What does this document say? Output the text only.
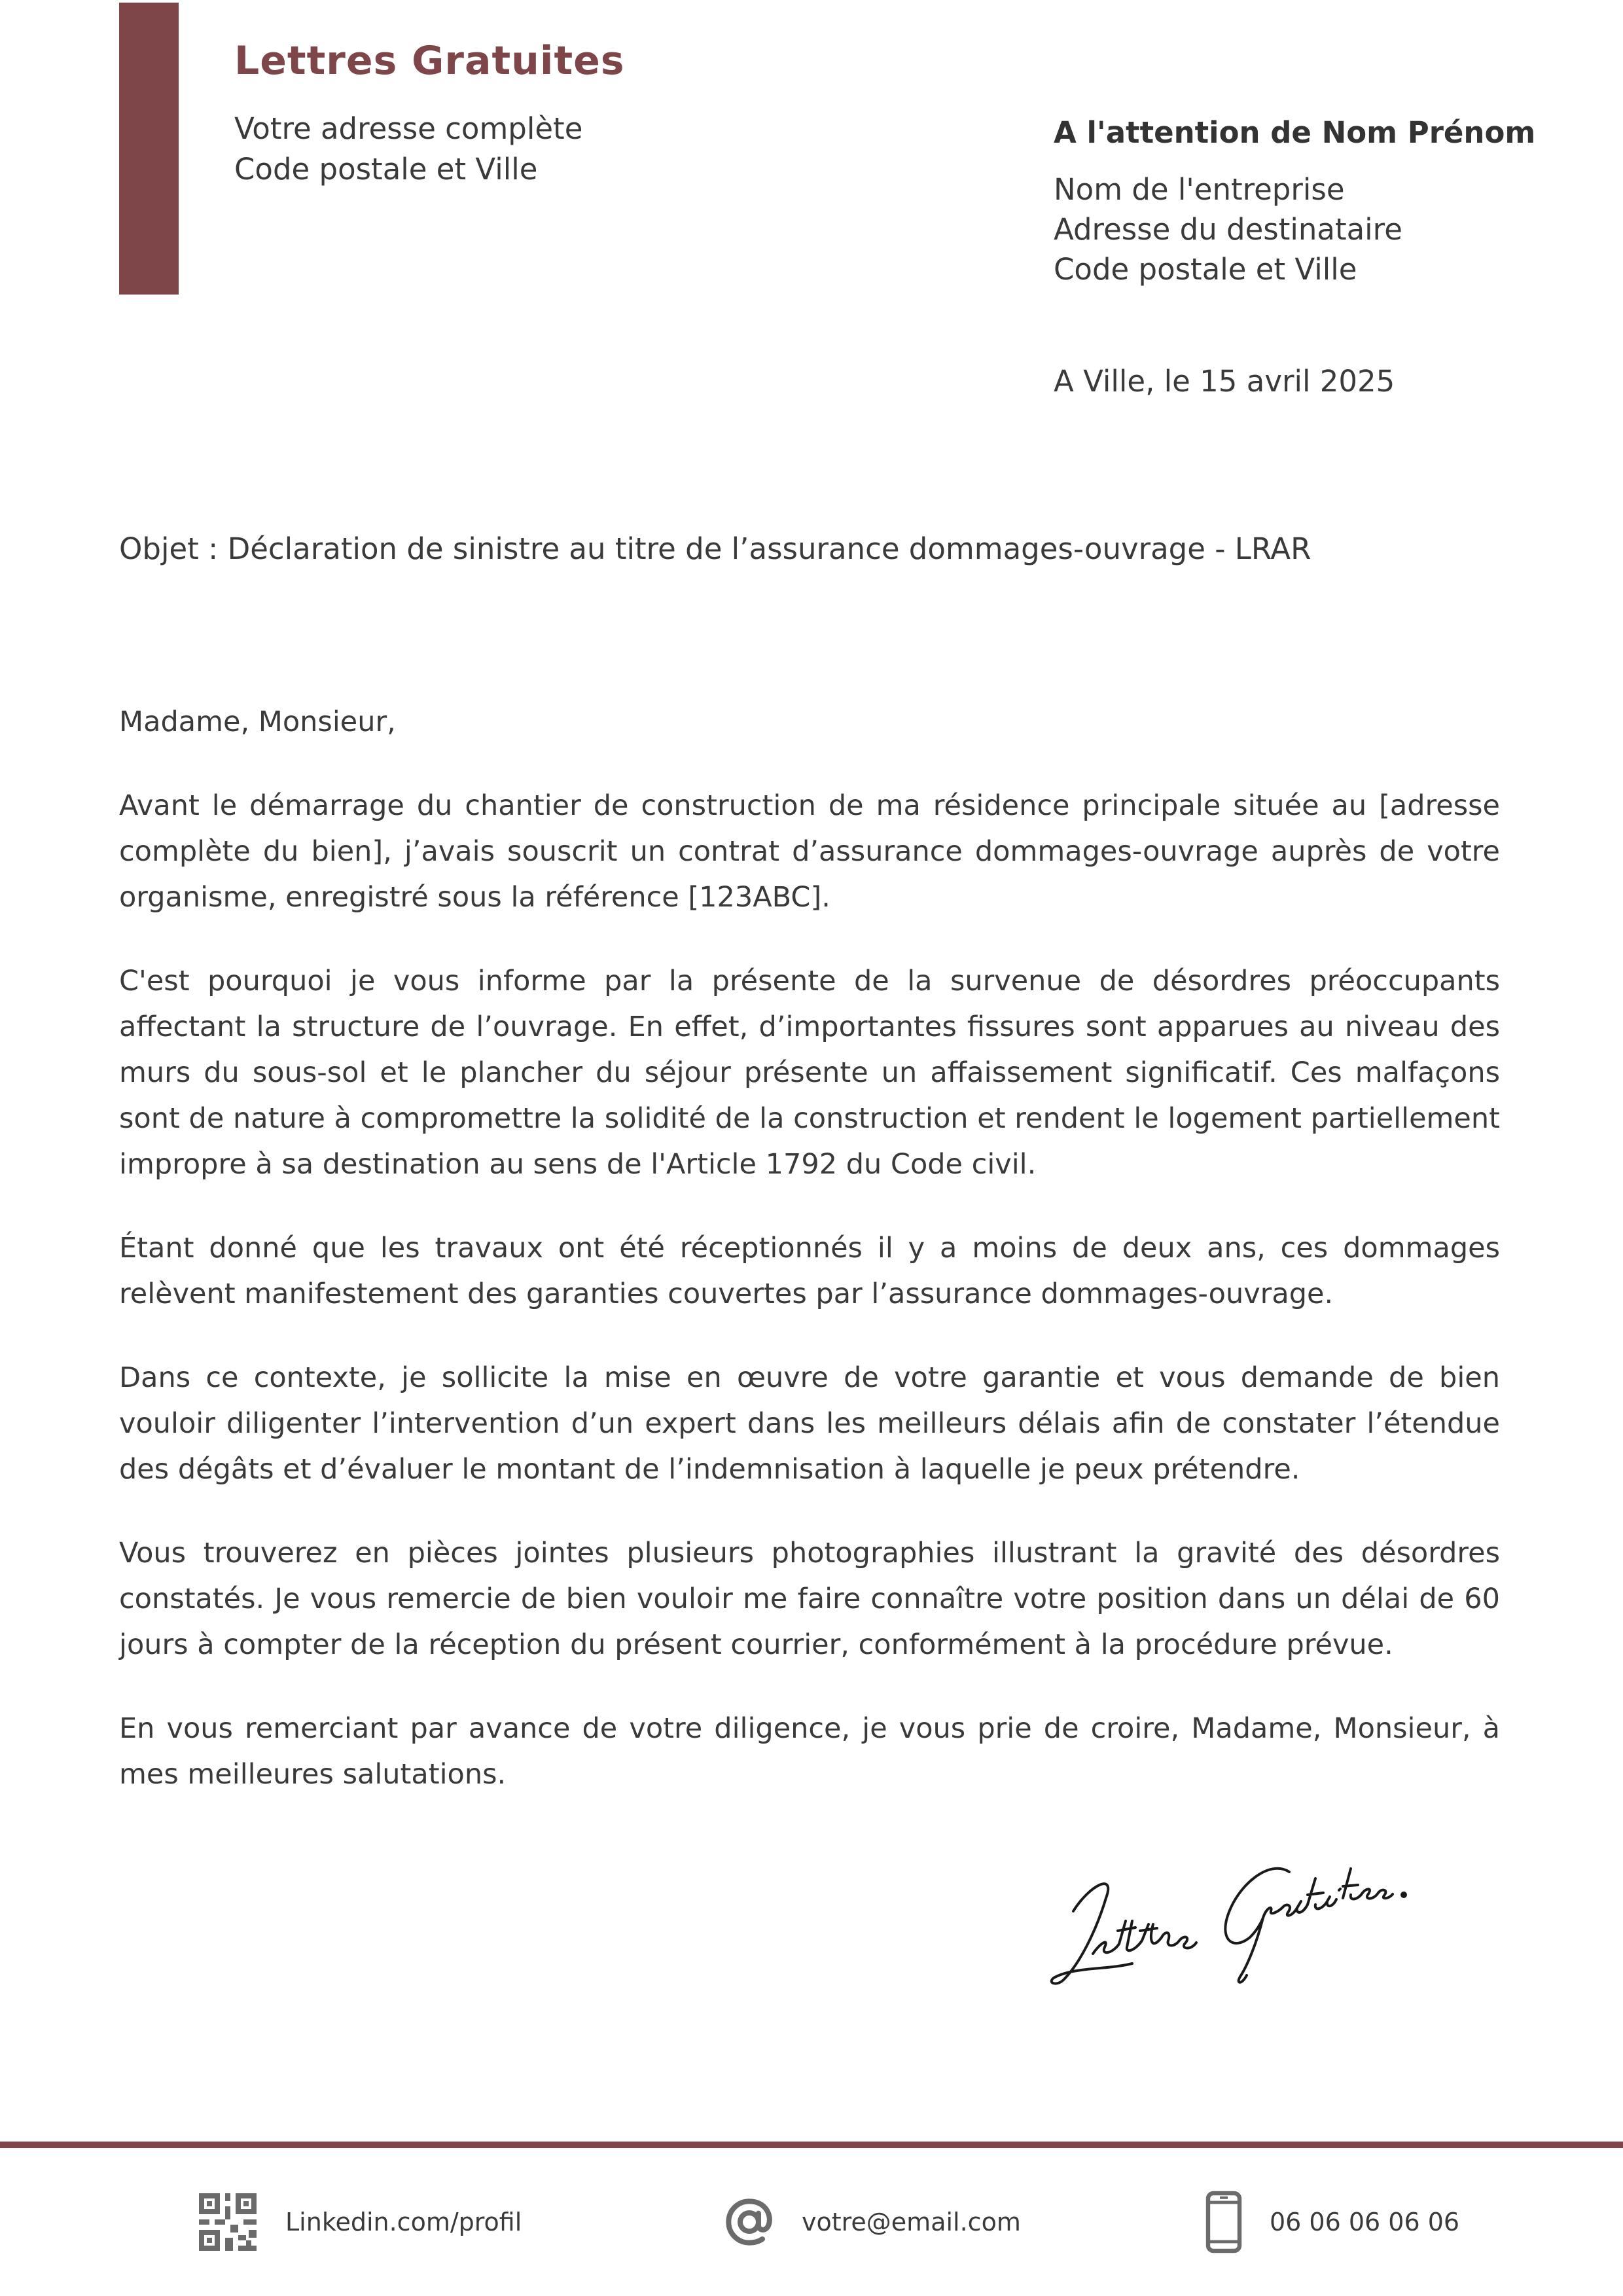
Lettres Gratuites
Votre adresse complète
Code postale et Ville
A l'attention de Nom Prénom
Nom de l'entreprise
Adresse du destinataire
Code postale et Ville
A Ville, le 15 avril 2025
Objet : Déclaration de sinistre au titre de l’assurance dommages-ouvrage - LRAR

Madame, Monsieur,

Avant le démarrage du chantier de construction de ma résidence principale située au [adresse complète du bien], j’avais souscrit un contrat d’assurance dommages-ouvrage auprès de votre organisme, enregistré sous la référence [123ABC].

C'est pourquoi je vous informe par la présente de la survenue de désordres préoccupants affectant la structure de l’ouvrage. En effet, d’importantes fissures sont apparues au niveau des murs du sous-sol et le plancher du séjour présente un affaissement significatif. Ces malfaçons sont de nature à compromettre la solidité de la construction et rendent le logement partiellement impropre à sa destination au sens de l'Article 1792 du Code civil.

Étant donné que les travaux ont été réceptionnés il y a moins de deux ans, ces dommages relèvent manifestement des garanties couvertes par l’assurance dommages-ouvrage.

Dans ce contexte, je sollicite la mise en œuvre de votre garantie et vous demande de bien vouloir diligenter l’intervention d’un expert dans les meilleurs délais afin de constater l’étendue des dégâts et d’évaluer le montant de l’indemnisation à laquelle je peux prétendre.

Vous trouverez en pièces jointes plusieurs photographies illustrant la gravité des désordres constatés. Je vous remercie de bien vouloir me faire connaître votre position dans un délai de 60 jours à compter de la réception du présent courrier, conformément à la procédure prévue.

En vous remerciant par avance de votre diligence, je vous prie de croire, Madame, Monsieur, à mes meilleures salutations.

Linkedin.com/profil	votre@email.com	06 06 06 06 06
